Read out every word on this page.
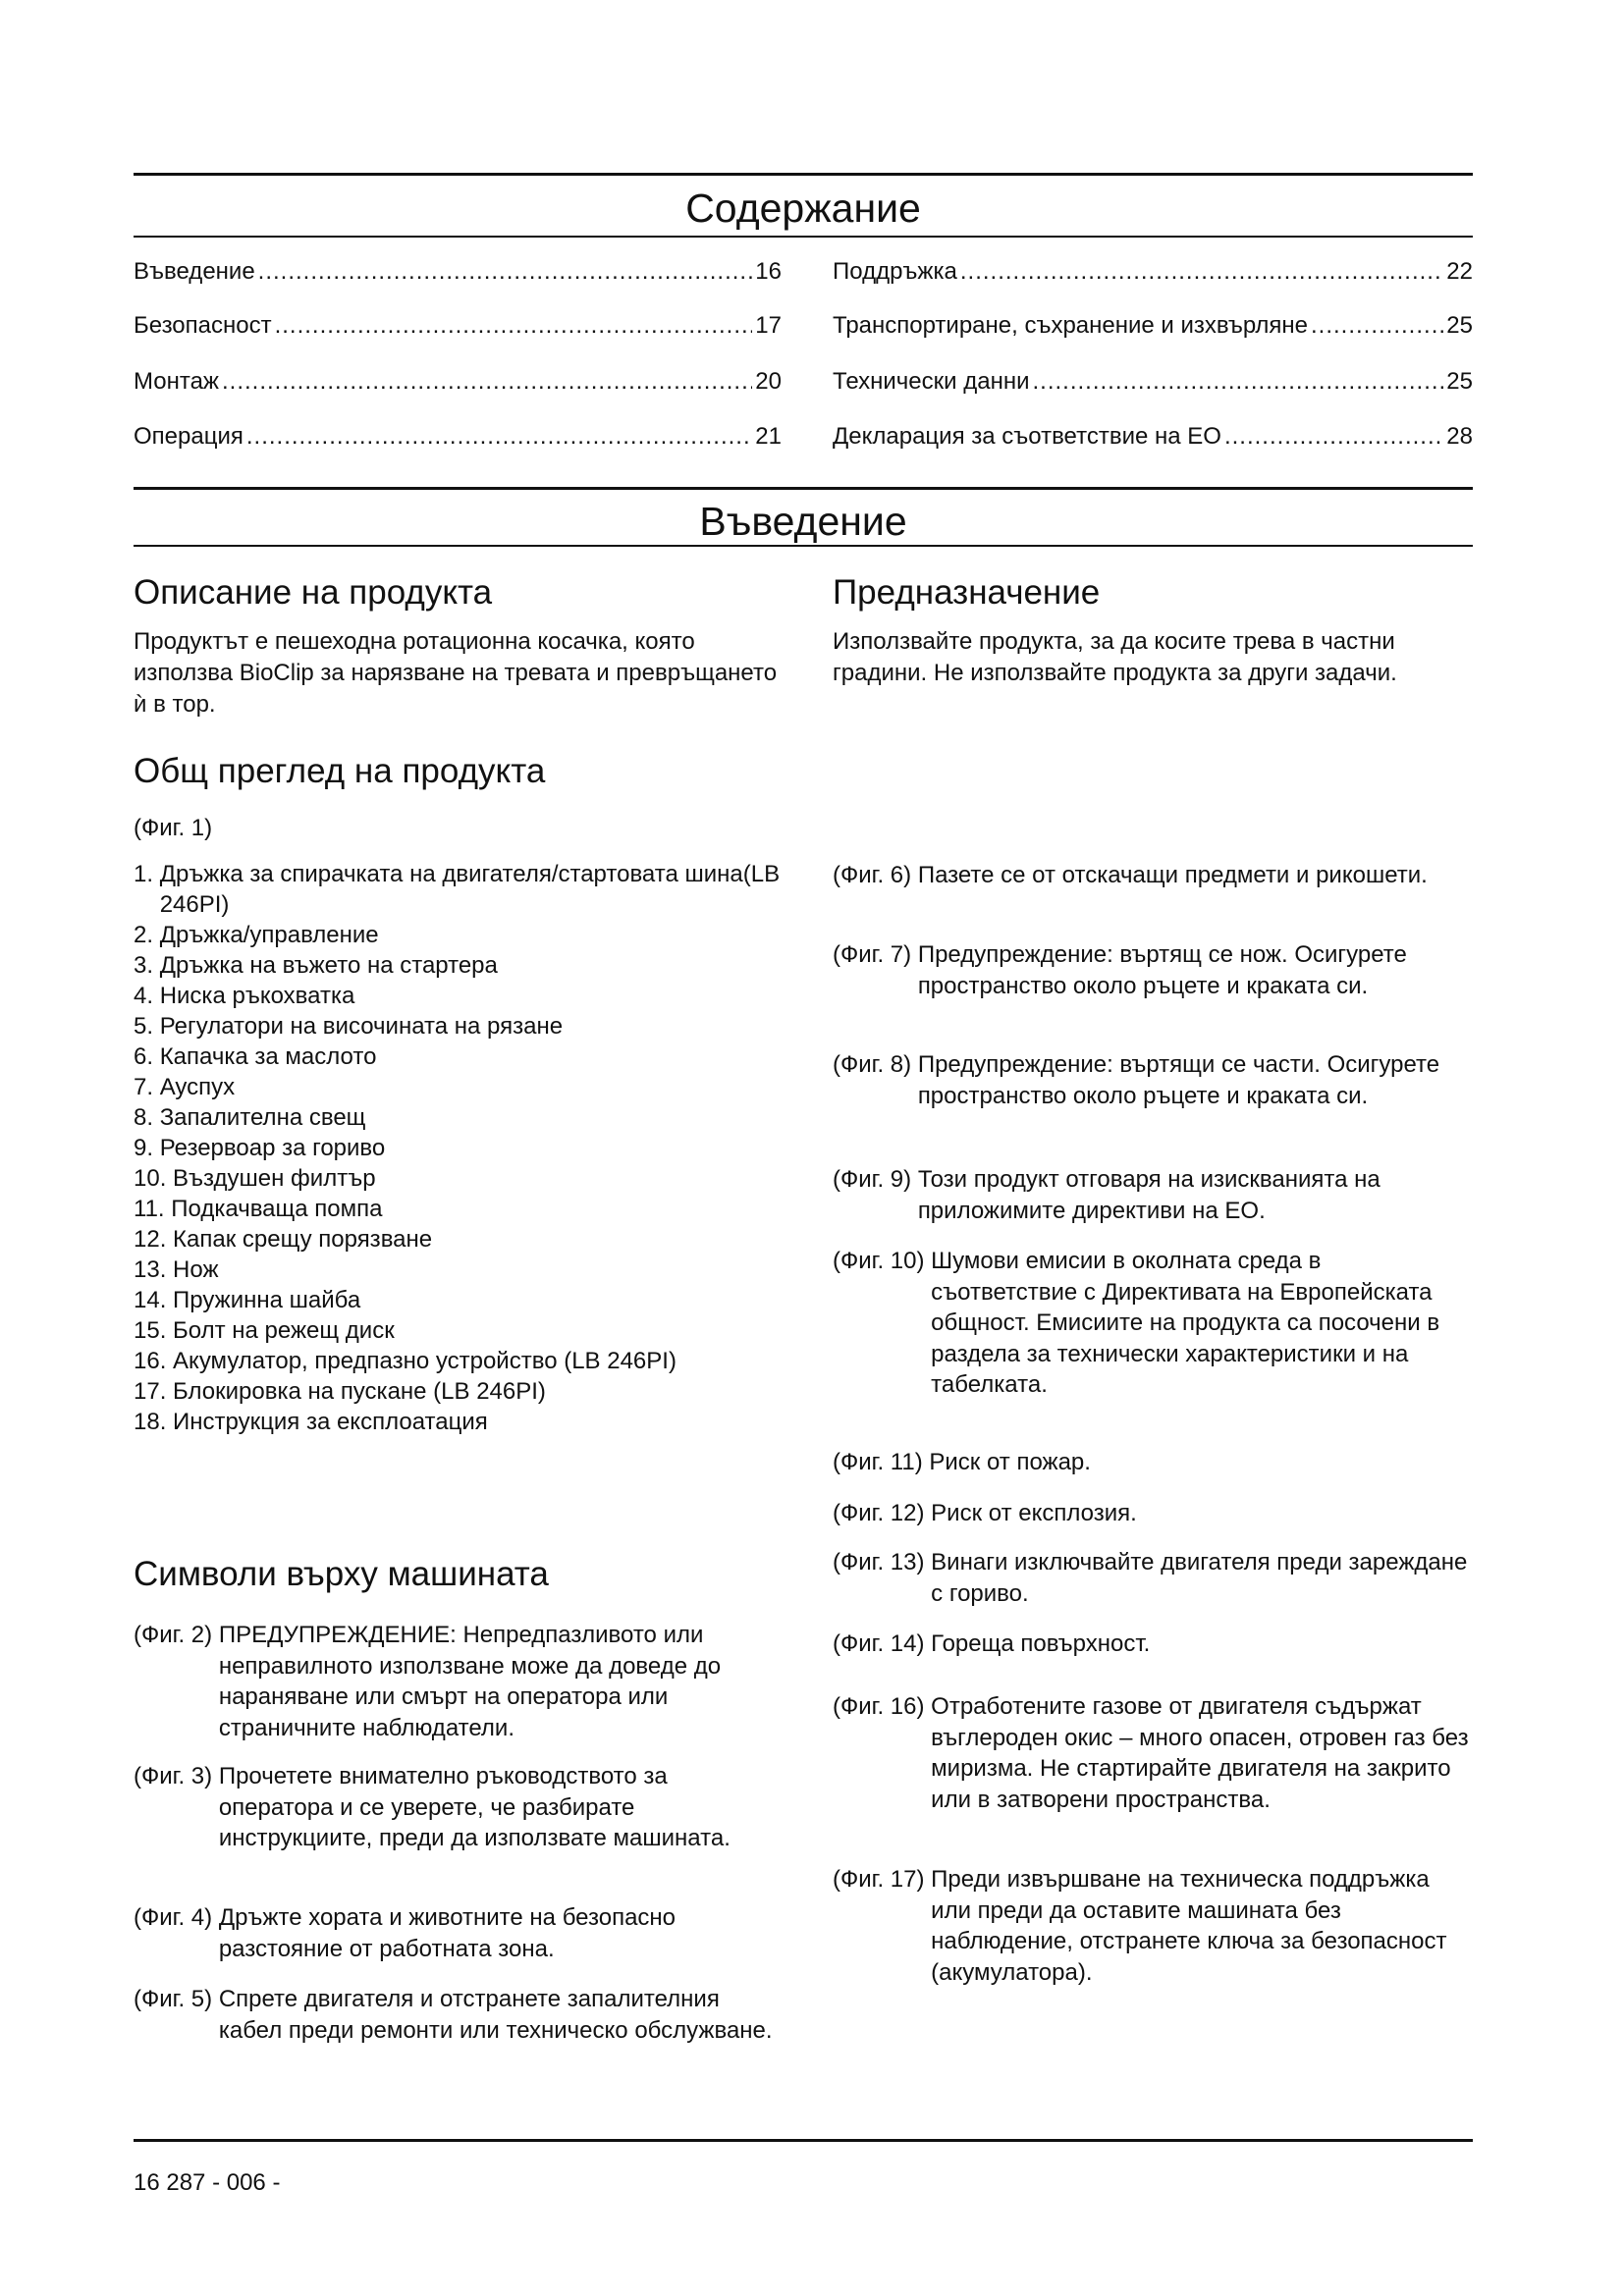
Содержание
Въведение .....	16
Безопасност .....	17
Монтаж .....	20
Операция .....	21
Поддръжка .....	22
Транспортиране, съхранение и изхвърляне .....	25
Технически данни .....	25
Декларация за съответствие на ЕО .....	28
Въведение
Описание на продукта

Продуктът е пешеходна ротационна косачка, която използва BioClip за нарязване на тревата и превръщането ѝ в тор.

Предназначение

Използвайте продукта, за да косите трева в частни градини. Не използвайте продукта за други задачи.

Общ преглед на продукта

(Фиг. 1)

1.
Дръжка за спирачката на двигателя/стартовата шина(LB 246PI)
2.
Дръжка/управление
3.
Дръжка на въжето на стартера
4.
Ниска ръкохватка
5.
Регулатори на височината на рязане
6.
Капачка за маслото
7.
Ауспух
8.
Запалителна свещ
9.
Резервоар за гориво
10.
Въздушен филтър
11.
Подкачваща помпа
12.
Капак срещу порязване
13.
Нож
14.
Пружинна шайба
15.
Болт на режещ диск
16.
Акумулатор, предпазно устройство (LB 246PI)
17.
Блокировка на пускане (LB 246PI)
18.
Инструкция за експлоатация
Символи върху машината
(Фиг. 2) ПРЕДУПРЕЖДЕНИЕ: Непредпазливото или неправилното използване може да доведе до нараняване или смърт на оператора или страничните наблюдатели.
(Фиг. 3) Прочетете внимателно ръководството за оператора и се уверете, че разбирате инструкциите, преди да използвате машината.
(Фиг. 4) Дръжте хората и животните на безопасно разстояние от работната зона.
(Фиг. 5) Спрете двигателя и отстранете запалителния кабел преди ремонти или техническо обслужване.
(Фиг. 6) Пазете се от отскачащи предмети и рикошети.
(Фиг. 7) Предупреждение: въртящ се нож. Осигурете пространство около ръцете и краката си.
(Фиг. 8) Предупреждение: въртящи се части. Осигурете пространство около ръцете и краката си.
(Фиг. 9) Този продукт отговаря на изискванията на приложимите директиви на ЕО.
(Фиг. 10) Шумови емисии в околната среда в съответствие с Директивата на Европейската общност. Емисиите на продукта са посочени в раздела за технически характеристики и на табелката.
(Фиг. 11) Риск от пожар.
(Фиг. 12) Риск от експлозия.
(Фиг. 13) Винаги изключвайте двигателя преди зареждане с гориво.
(Фиг. 14) Гореща повърхност.
(Фиг. 16) Отработените газове от двигателя съдържат въглероден окис – много опасен, отровен газ без миризма. Не стартирайте двигателя на закрито или в затворени пространства.
(Фиг. 17) Преди извършване на техническа поддръжка или преди да оставите машината без наблюдение, отстранете ключа за безопасност (акумулатора).
16 287 - 006 -
